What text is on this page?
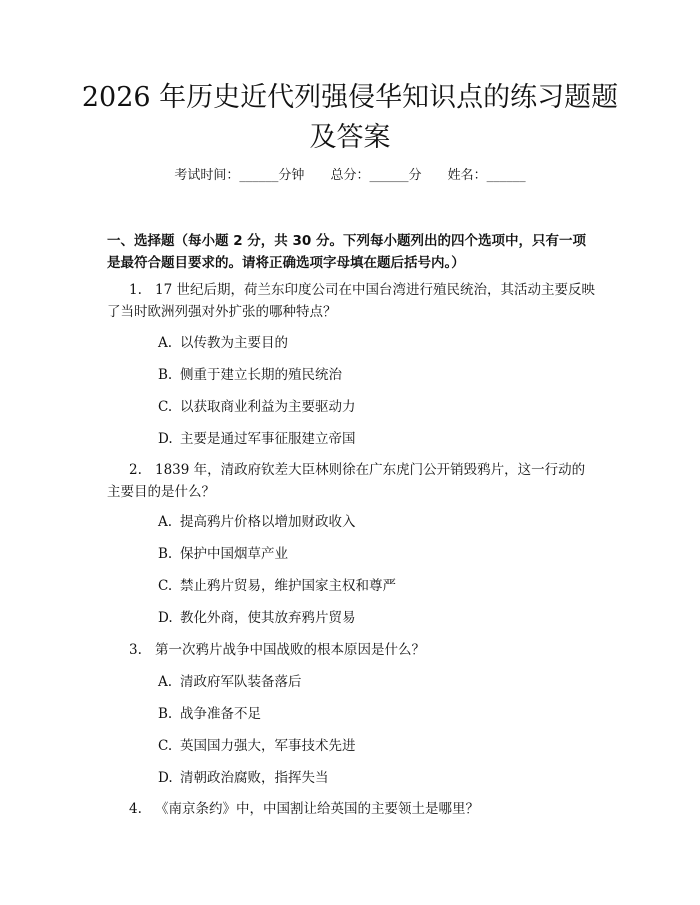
2026 年历史近代列强侵华知识点的练习题题及答案
考试时间：______分钟 总分：______分 姓名：______
一、选择题（每小题 2 分，共 30 分。下列每小题列出的四个选项中，只有一项是最符合题目要求的。请将正确选项字母填在题后括号内。）
1. 17 世纪后期，荷兰东印度公司在中国台湾进行殖民统治，其活动主要反映了当时欧洲列强对外扩张的哪种特点？
A. 以传教为主要目的
B. 侧重于建立长期的殖民统治
C. 以获取商业利益为主要驱动力
D. 主要是通过军事征服建立帝国
2. 1839 年，清政府钦差大臣林则徐在广东虎门公开销毁鸦片，这一行动的主要目的是什么？
A. 提高鸦片价格以增加财政收入
B. 保护中国烟草产业
C. 禁止鸦片贸易，维护国家主权和尊严
D. 教化外商，使其放弃鸦片贸易
3. 第一次鸦片战争中国战败的根本原因是什么？
A. 清政府军队装备落后
B. 战争准备不足
C. 英国国力强大，军事技术先进
D. 清朝政治腐败，指挥失当
4. 《南京条约》中，中国割让给英国的主要领土是哪里？
